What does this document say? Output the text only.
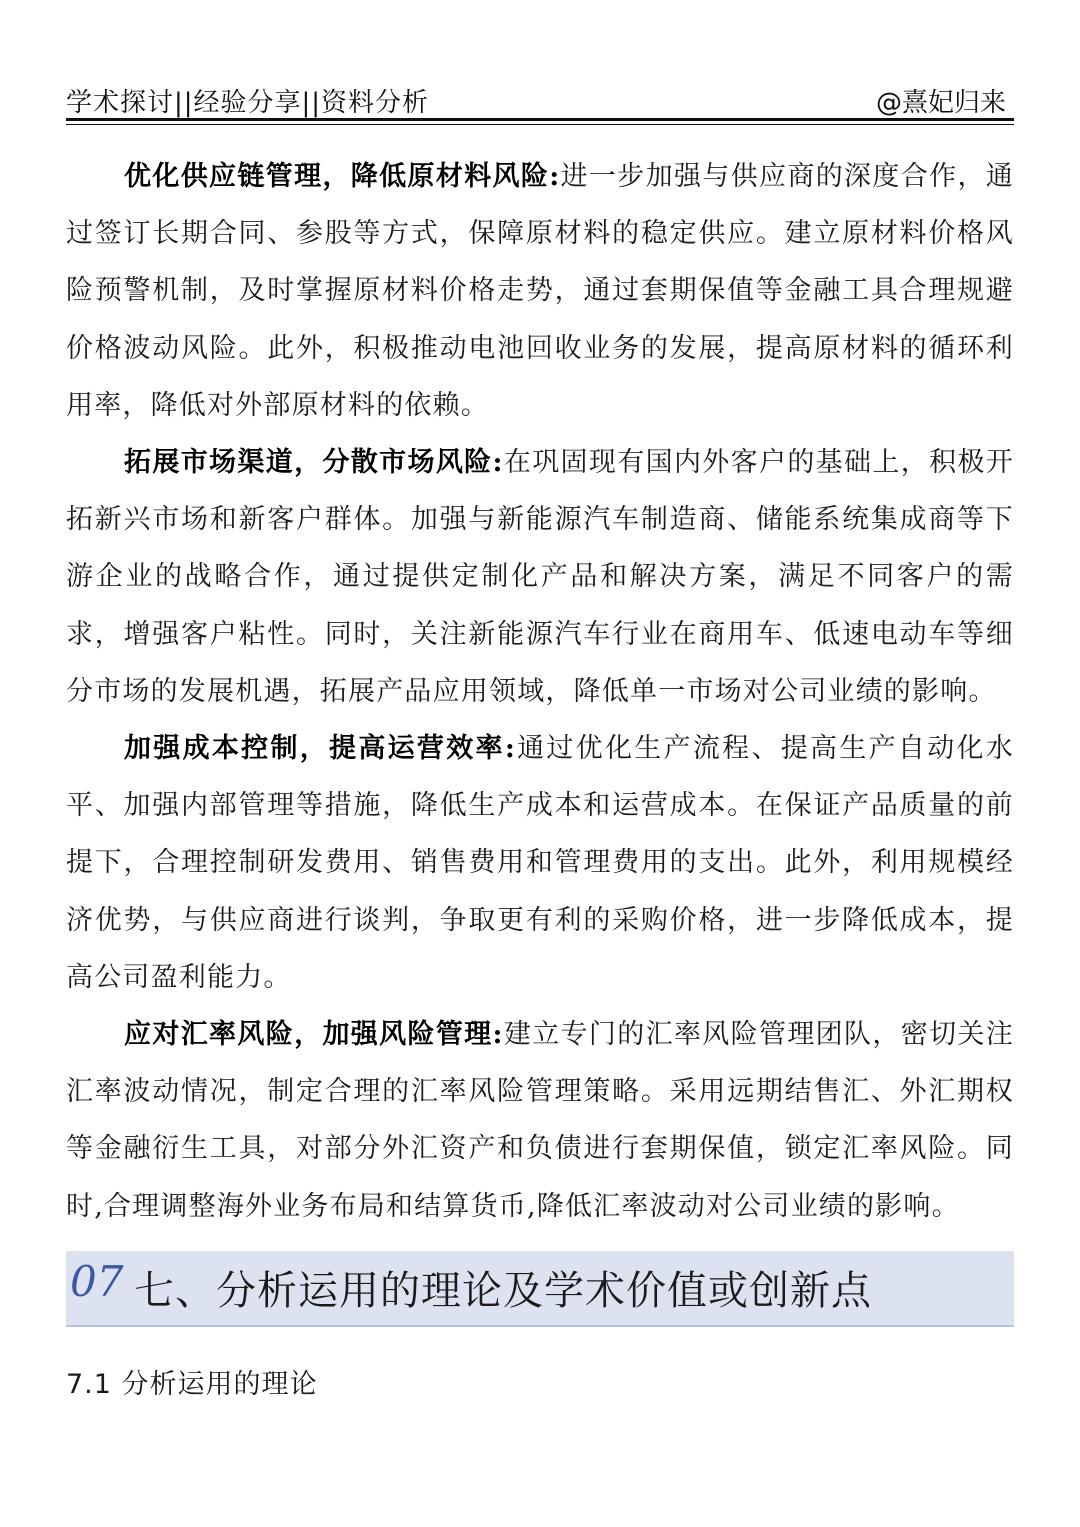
学术探讨||经验分享||资料分析	@熹妃归来

优化供应链管理，降低原材料风险:进一步加强与供应商的深度合作，通过签订长期合同、参股等方式，保障原材料的稳定供应。建立原材料价格风险预警机制，及时掌握原材料价格走势，通过套期保值等金融工具合理规避价格波动风险。此外，积极推动电池回收业务的发展，提高原材料的循环利用率，降低对外部原材料的依赖。

拓展市场渠道，分散市场风险:在巩固现有国内外客户的基础上，积极开拓新兴市场和新客户群体。加强与新能源汽车制造商、储能系统集成商等下游企业的战略合作，通过提供定制化产品和解决方案，满足不同客户的需求，增强客户粘性。同时，关注新能源汽车行业在商用车、低速电动车等细分市场的发展机遇，拓展产品应用领域，降低单一市场对公司业绩的影响。

加强成本控制，提高运营效率:通过优化生产流程、提高生产自动化水平、加强内部管理等措施，降低生产成本和运营成本。在保证产品质量的前提下，合理控制研发费用、销售费用和管理费用的支出。此外，利用规模经济优势，与供应商进行谈判，争取更有利的采购价格，进一步降低成本，提高公司盈利能力。

应对汇率风险，加强风险管理:建立专门的汇率风险管理团队，密切关注汇率波动情况，制定合理的汇率风险管理策略。采用远期结售汇、外汇期权等金融衍生工具，对部分外汇资产和负债进行套期保值，锁定汇率风险。同时,合理调整海外业务布局和结算货币,降低汇率波动对公司业绩的影响。

07 七、分析运用的理论及学术价值或创新点
7.1 分析运用的理论
